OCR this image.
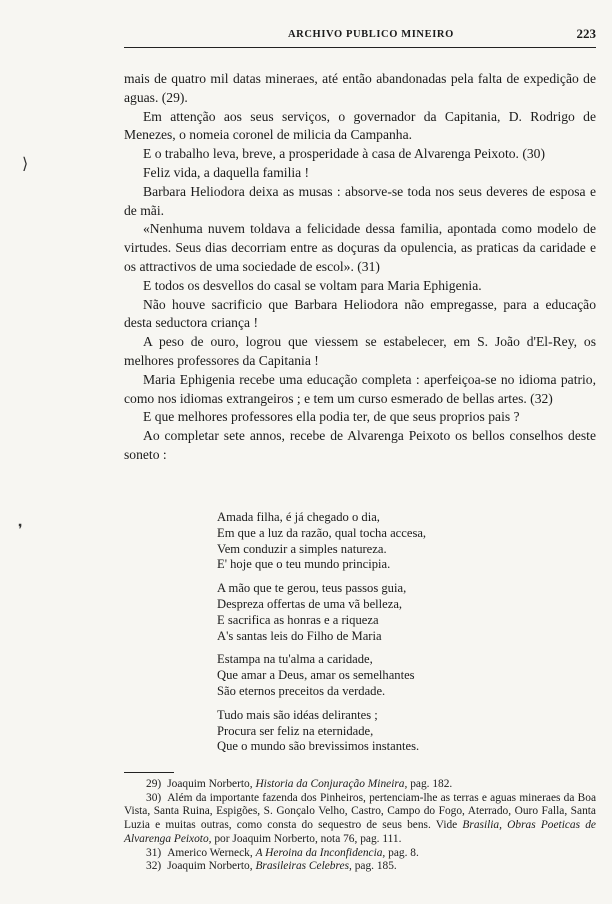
ARCHIVO PUBLICO MINEIRO	223
⟩
❜

mais de quatro mil datas mineraes, até então abandonadas pela falta de expedição de aguas. (29).

Em attenção aos seus serviços, o governador da Capitania, D. Rodrigo de Menezes, o nomeia coronel de milicia da Campanha.

E o trabalho leva, breve, a prosperidade à casa de Alvarenga Peixoto. (30)

Feliz vida, a daquella familia !

Barbara Heliodora deixa as musas : absorve-se toda nos seus deveres de esposa e de mãi.

«Nenhuma nuvem toldava a felicidade dessa familia, apontada como modelo de virtudes. Seus dias decorriam entre as doçuras da opulencia, as praticas da caridade e os attractivos de uma sociedade de escol». (31)

E todos os desvellos do casal se voltam para Maria Ephigenia.

Não houve sacrificio que Barbara Heliodora não empregasse, para a educação desta seductora criança !

A peso de ouro, logrou que viessem se estabelecer, em S. João d'El-Rey, os melhores professores da Capitania !

Maria Ephigenia recebe uma educação completa : aperfeiçoa-se no idioma patrio, como nos idiomas extrangeiros ; e tem um curso esmerado de bellas artes. (32)

E que melhores professores ella podia ter, de que seus proprios pais ?

Ao completar sete annos, recebe de Alvarenga Peixoto os bellos conselhos deste soneto :

Amada filha, é já chegado o dia,
Em que a luz da razão, qual tocha accesa,
Vem conduzir a simples natureza.
E' hoje que o teu mundo principia.
A mão que te gerou, teus passos guia,
Despreza offertas de uma vã belleza,
E sacrifica as honras e a riqueza
A's santas leis do Filho de Maria
Estampa na tu'alma a caridade,
Que amar a Deus, amar os semelhantes
São eternos preceitos da verdade.
Tudo mais são idéas delirantes ;
Procura ser feliz na eternidade,
Que o mundo são brevissimos instantes.

29) Joaquim Norberto, Historia da Conjuração Mineira, pag. 182.

30) Além da importante fazenda dos Pinheiros, pertenciam-lhe as terras e aguas mineraes da Boa Vista, Santa Ruina, Espigões, S. Gonçalo Velho, Castro, Campo do Fogo, Aterrado, Ouro Falla, Santa Luzia e muitas outras, como consta do sequestro de seus bens. Vide Brasilia, Obras Poeticas de Alvarenga Peixoto, por Joaquim Norberto, nota 76, pag. 111.

31) Americo Werneck, A Heroina da Inconfidencia, pag. 8.

32) Joaquim Norberto, Brasileiras Celebres, pag. 185.
